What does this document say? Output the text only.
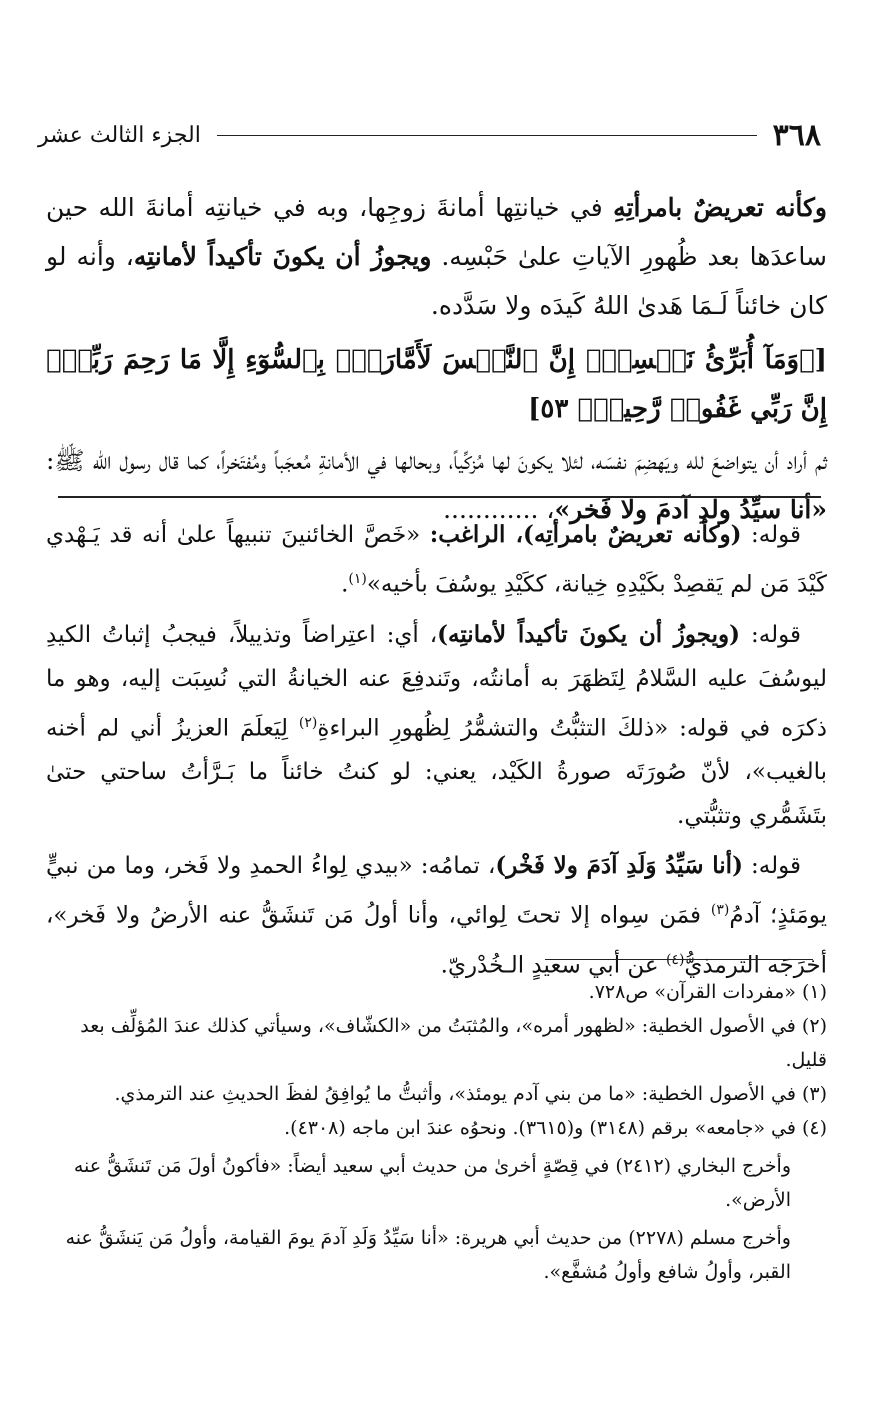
٣٦٨
الجزء الثالث عشر

وكأنه تعريضٌ بامرأتِهِ في خيانتِها أمانةَ زوجِها، وبه في خيانتِه أمانةَ الله حين ساعدَها بعد ظُهورِ الآياتِ علىٰ حَبْسِه. ويجوزُ أن يكونَ تأكيداً لأمانتِه، وأنه لو كان خائناً لَـمَا هَدىٰ اللهُ كَيدَه ولا سَدَّده.

[﴿وَمَآ أُبَرِّئُ نَفۡسِيٓۚ إِنَّ ٱلنَّفۡسَ لَأَمَّارَةُۢ بِٱلسُّوٓءِ إِلَّا مَا رَحِمَ رَبِّيٓۚ إِنَّ رَبِّي غَفُورٞ رَّحِيمٞ﴾ ٥٣]

ثم أراد أن يتواضعَ لله ويَهضِمَ نفسَه، لئلا يكونَ لها مُزكِّياً، وبحالها في الأمانةِ مُعجَباً ومُفتَخراً، كما قال رسول الله ﷺ: «أنا سيِّدُ ولدِ آدمَ ولا فَخر»، ............

قوله: (وكأنه تعريضٌ بامرأتِه)، الراغب: «خَصَّ الخائنينَ تنبيهاً علىٰ أنه قد يَـهْدي كَيْدَ مَن لم يَقصِدْ بكَيْدِهِ خِيانة، ككَيْدِ يوسُفَ بأخيه»$^{(١)}$.

قوله: (ويجوزُ أن يكونَ تأكيداً لأمانتِه)، أي: اعتِراضاً وتذييلاً، فيجبُ إثباتُ الكيدِ ليوسُفَ عليه السَّلامُ لِتَظهَرَ به أمانتُه، وتَندفِعَ عنه الخيانةُ التي نُسِبَت إليه، وهو ما ذكرَه في قوله: «ذلكَ التثبُّتُ والتشمُّرُ لِظُهورِ البراءةِ$^{(٢)}$ لِيَعلَمَ العزيزُ أني لم أخنه بالغيب»، لأنّ صُورَتَه صورةُ الكَيْد، يعني: لو كنتُ خائناً ما بَـرَّأتُ ساحتي حتىٰ بتَشَمُّري وتثبُّتي.

قوله: (أنا سَيِّدُ وَلَدِ آدَمَ ولا فَخْر)، تمامُه: «بيدي لِواءُ الحمدِ ولا فَخر، وما من نبيٍّ يومَئذٍ؛ آدمُ$^{(٣)}$ فمَن سِواه إلا تحتَ لِوائي، وأنا أولُ مَن تَنشَقُّ عنه الأرضُ ولا فَخر»، أخرَجَه الترمذيُّ$^{(٤)}$ عن أبي سعيدٍ الـخُدْريّ.

(١) «مفردات القرآن» ص٧٢٨.

(٢) في الأصول الخطية: «لظهور أمره»، والمُثبَتُ من «الكشّاف»، وسيأتي كذلك عندَ المُؤلِّف بعد قليل.

(٣) في الأصول الخطية: «ما من بني آدم يومئذ»، وأثبتُّ ما يُوافِقُ لفظَ الحديثِ عند الترمذي.

(٤) في «جامعه» برقم (٣١٤٨) و(٣٦١٥). ونحوُه عندَ ابن ماجه (٤٣٠٨).

وأخرج البخاري (٢٤١٢) في قِصّةٍ أخرىٰ من حديث أبي سعيد أيضاً: «فأكونُ أولَ مَن تَنشَقُّ عنه الأرض».

وأخرج مسلم (٢٢٧٨) من حديث أبي هريرة: «أنا سَيِّدُ وَلَدِ آدمَ يومَ القيامة، وأولُ مَن يَنشَقُّ عنه القبر، وأولُ شافع وأولُ مُشفَّع».
